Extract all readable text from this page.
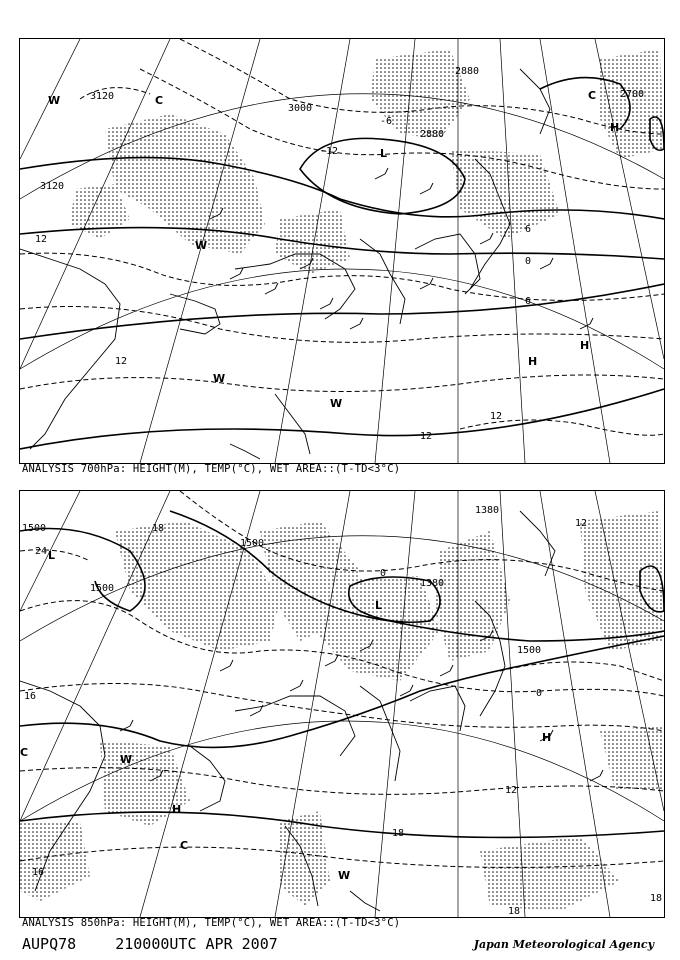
3120
2880
3000
2880
2700
3120
12
12
12
6
0
6
12
-12
-6
W
W
W
L
C
H
H
W
C
H
ANALYSIS 700hPa: HEIGHT(M), TEMP(°C), WET AREA::(T-TD<3°C)
1500
1500
1380
1380
1500
1500
24
18
16
18
12
0
12
18
18
16
0
L
W
H
C
W
H
C
L
ANALYSIS 850hPa: HEIGHT(M), TEMP(°C), WET AREA::(T-TD<3°C)
AUPQ78	210000UTC APR 2007	Japan Meteorological Agency
